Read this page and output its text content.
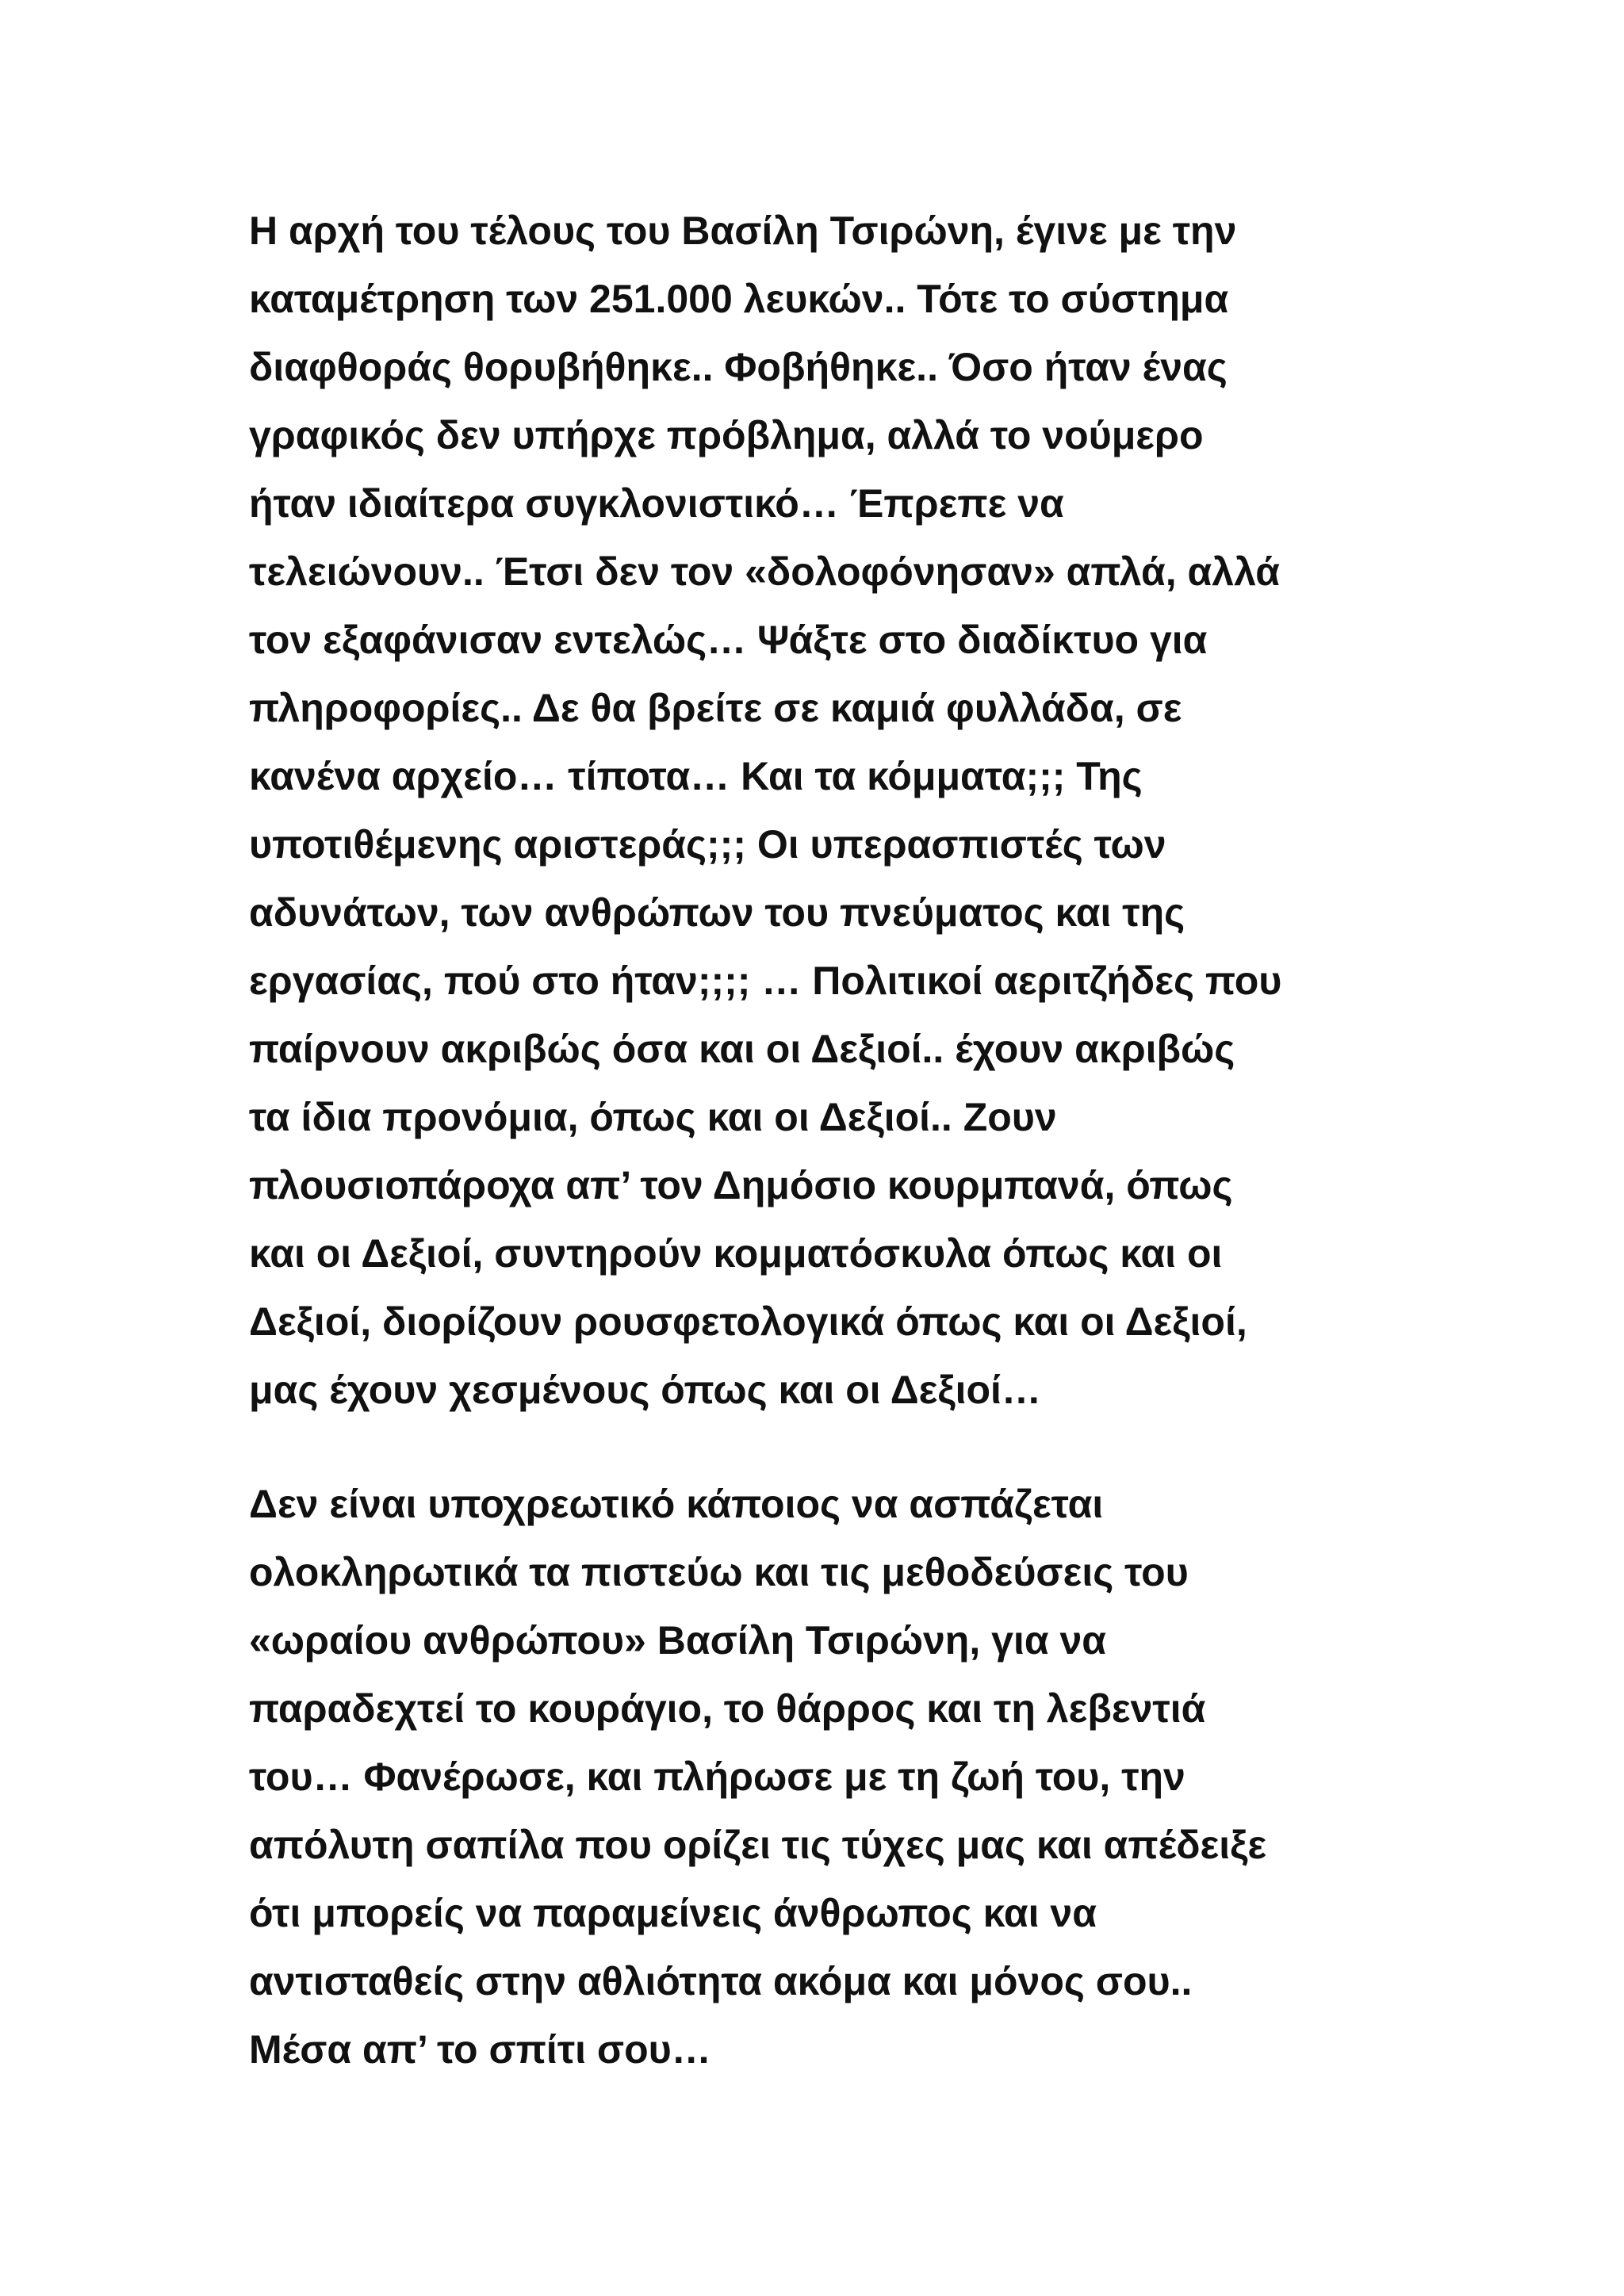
Η αρχή του τέλους του Βασίλη Τσιρώνη, έγινε με την
καταμέτρηση των 251.000 λευκών.. Τότε το σύστημα
διαφθοράς θορυβήθηκε.. Φοβήθηκε.. Όσο ήταν ένας
γραφικός δεν υπήρχε πρόβλημα, αλλά το νούμερο
ήταν ιδιαίτερα συγκλονιστικό… Έπρεπε να
τελειώνουν.. Έτσι δεν τον «δολοφόνησαν» απλά, αλλά
τον εξαφάνισαν εντελώς… Ψάξτε στο διαδίκτυο για
πληροφορίες.. Δε θα βρείτε σε καμιά φυλλάδα, σε
κανένα αρχείο… τίποτα… Και τα κόμματα;;; Της
υποτιθέμενης αριστεράς;;; Οι υπερασπιστές των
αδυνάτων, των ανθρώπων του πνεύματος και της
εργασίας, πού στο ήταν;;;; … Πολιτικοί αεριτζήδες που
παίρνουν ακριβώς όσα και οι Δεξιοί.. έχουν ακριβώς
τα ίδια προνόμια, όπως και οι Δεξιοί.. Ζουν
πλουσιοπάροχα απ’ τον Δημόσιο κουρμπανά, όπως
και οι Δεξιοί, συντηρούν κομματόσκυλα όπως και οι
Δεξιοί, διορίζουν ρουσφετολογικά όπως και οι Δεξιοί,
μας έχουν χεσμένους όπως και οι Δεξιοί…
Δεν είναι υποχρεωτικό κάποιος να ασπάζεται
ολοκληρωτικά τα πιστεύω και τις μεθοδεύσεις του
«ωραίου ανθρώπου» Βασίλη Τσιρώνη, για να
παραδεχτεί το κουράγιο, το θάρρος και τη λεβεντιά
του… Φανέρωσε, και πλήρωσε με τη ζωή του, την
απόλυτη σαπίλα που ορίζει τις τύχες μας και απέδειξε
ότι μπορείς να παραμείνεις άνθρωπος και να
αντισταθείς στην αθλιότητα ακόμα και μόνος σου..
Μέσα απ’ το σπίτι σου…
